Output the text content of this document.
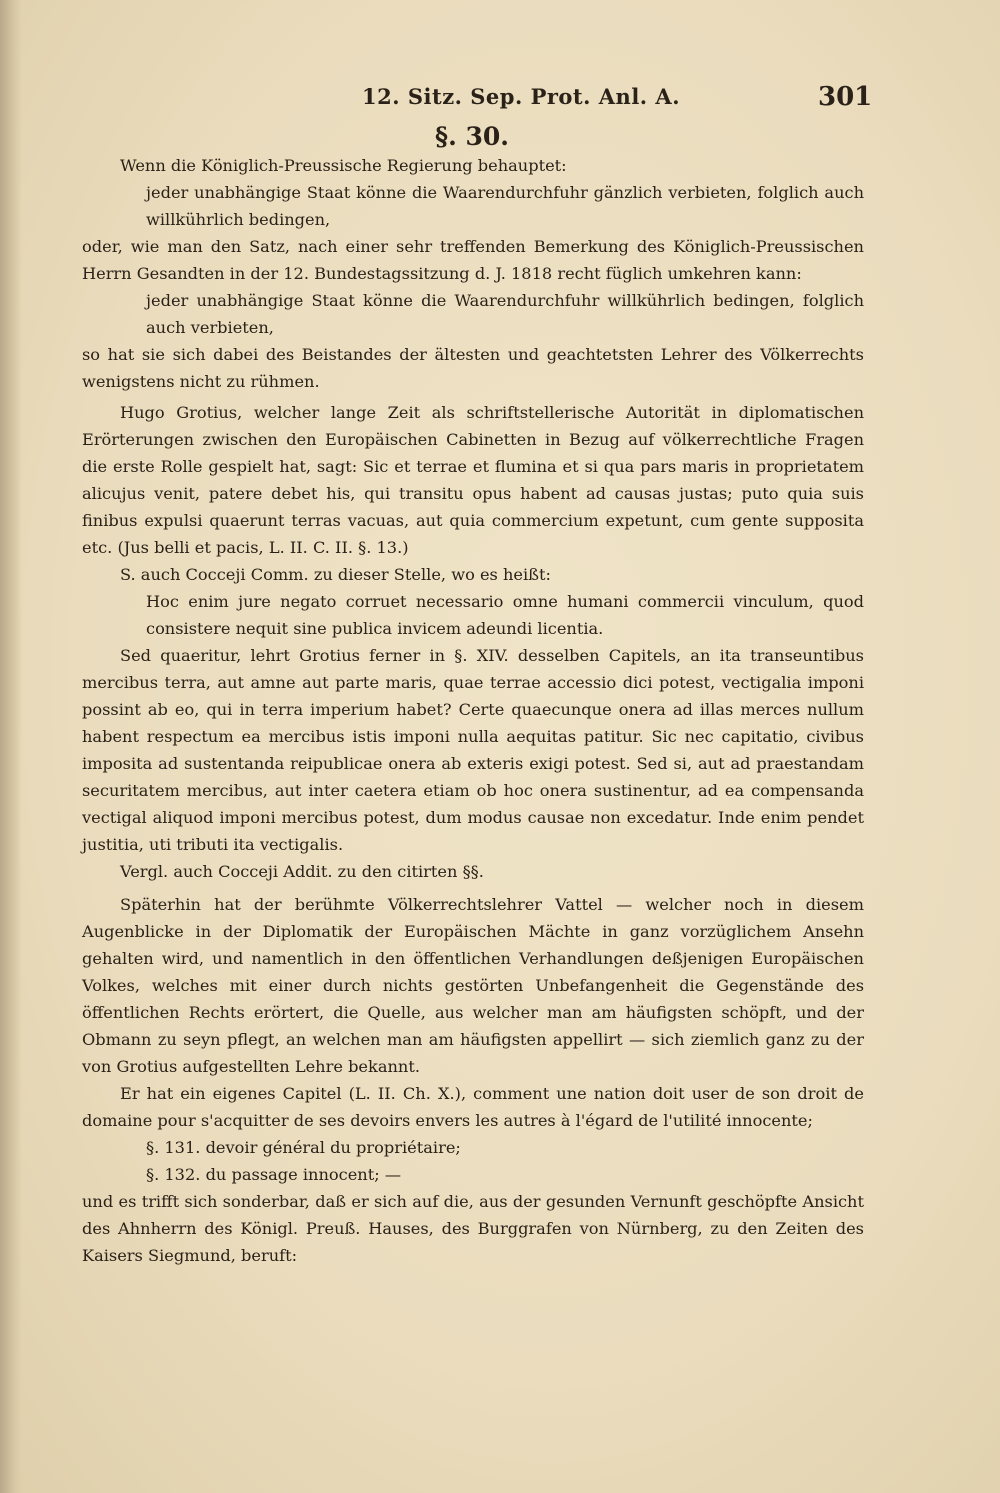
12. Sitz. Sep. Prot. Anl. A.	301
§. 30.

Wenn die Königlich-Preussische Regierung behauptet:

jeder unabhängige Staat könne die Waarendurchfuhr gänzlich verbieten, folglich auch willkührlich bedingen,

oder, wie man den Satz, nach einer sehr treffenden Bemerkung des Königlich-Preussischen Herrn Gesandten in der 12. Bundestagssitzung d. J. 1818 recht füglich umkehren kann:

jeder unabhängige Staat könne die Waarendurchfuhr willkührlich bedingen, folglich auch verbieten,

so hat sie sich dabei des Beistandes der ältesten und geachtetsten Lehrer des Völkerrechts wenigstens nicht zu rühmen.

Hugo Grotius, welcher lange Zeit als schriftstellerische Autorität in diplomatischen Erörterungen zwischen den Europäischen Cabinetten in Bezug auf völkerrechtliche Fragen die erste Rolle gespielt hat, sagt: Sic et terrae et flumina et si qua pars maris in proprietatem alicujus venit, patere debet his, qui transitu opus habent ad causas justas; puto quia suis finibus expulsi quaerunt terras vacuas, aut quia commercium expetunt, cum gente supposita etc. (Jus belli et pacis, L. II. C. II. §. 13.)

S. auch Cocceji Comm. zu dieser Stelle, wo es heißt:

Hoc enim jure negato corruet necessario omne humani commercii vinculum, quod consistere nequit sine publica invicem adeundi licentia.

Sed quaeritur, lehrt Grotius ferner in §. XIV. desselben Capitels, an ita transeuntibus mercibus terra, aut amne aut parte maris, quae terrae accessio dici potest, vectigalia imponi possint ab eo, qui in terra imperium habet? Certe quaecunque onera ad illas merces nullum habent respectum ea mercibus istis imponi nulla aequitas patitur. Sic nec capitatio, civibus imposita ad sustentanda reipublicae onera ab exteris exigi potest. Sed si, aut ad praestandam securitatem mercibus, aut inter caetera etiam ob hoc onera sustinentur, ad ea compensanda vectigal aliquod imponi mercibus potest, dum modus causae non excedatur. Inde enim pendet justitia, uti tributi ita vectigalis.

Vergl. auch Cocceji Addit. zu den citirten §§.

Späterhin hat der berühmte Völkerrechtslehrer Vattel — welcher noch in diesem Augenblicke in der Diplomatik der Europäischen Mächte in ganz vorzüglichem Ansehn gehalten wird, und namentlich in den öffentlichen Verhandlungen deßjenigen Europäischen Volkes, welches mit einer durch nichts gestörten Unbefangenheit die Gegenstände des öffentlichen Rechts erörtert, die Quelle, aus welcher man am häufigsten schöpft, und der Obmann zu seyn pflegt, an welchen man am häufigsten appellirt — sich ziemlich ganz zu der von Grotius aufgestellten Lehre bekannt.

Er hat ein eigenes Capitel (L. II. Ch. X.), comment une nation doit user de son droit de domaine pour s'acquitter de ses devoirs envers les autres à l'égard de l'utilité innocente;

§. 131. devoir général du propriétaire;

§. 132. du passage innocent; —

und es trifft sich sonderbar, daß er sich auf die, aus der gesunden Vernunft geschöpfte Ansicht des Ahnherrn des Königl. Preuß. Hauses, des Burggrafen von Nürnberg, zu den Zeiten des Kaisers Siegmund, beruft:
